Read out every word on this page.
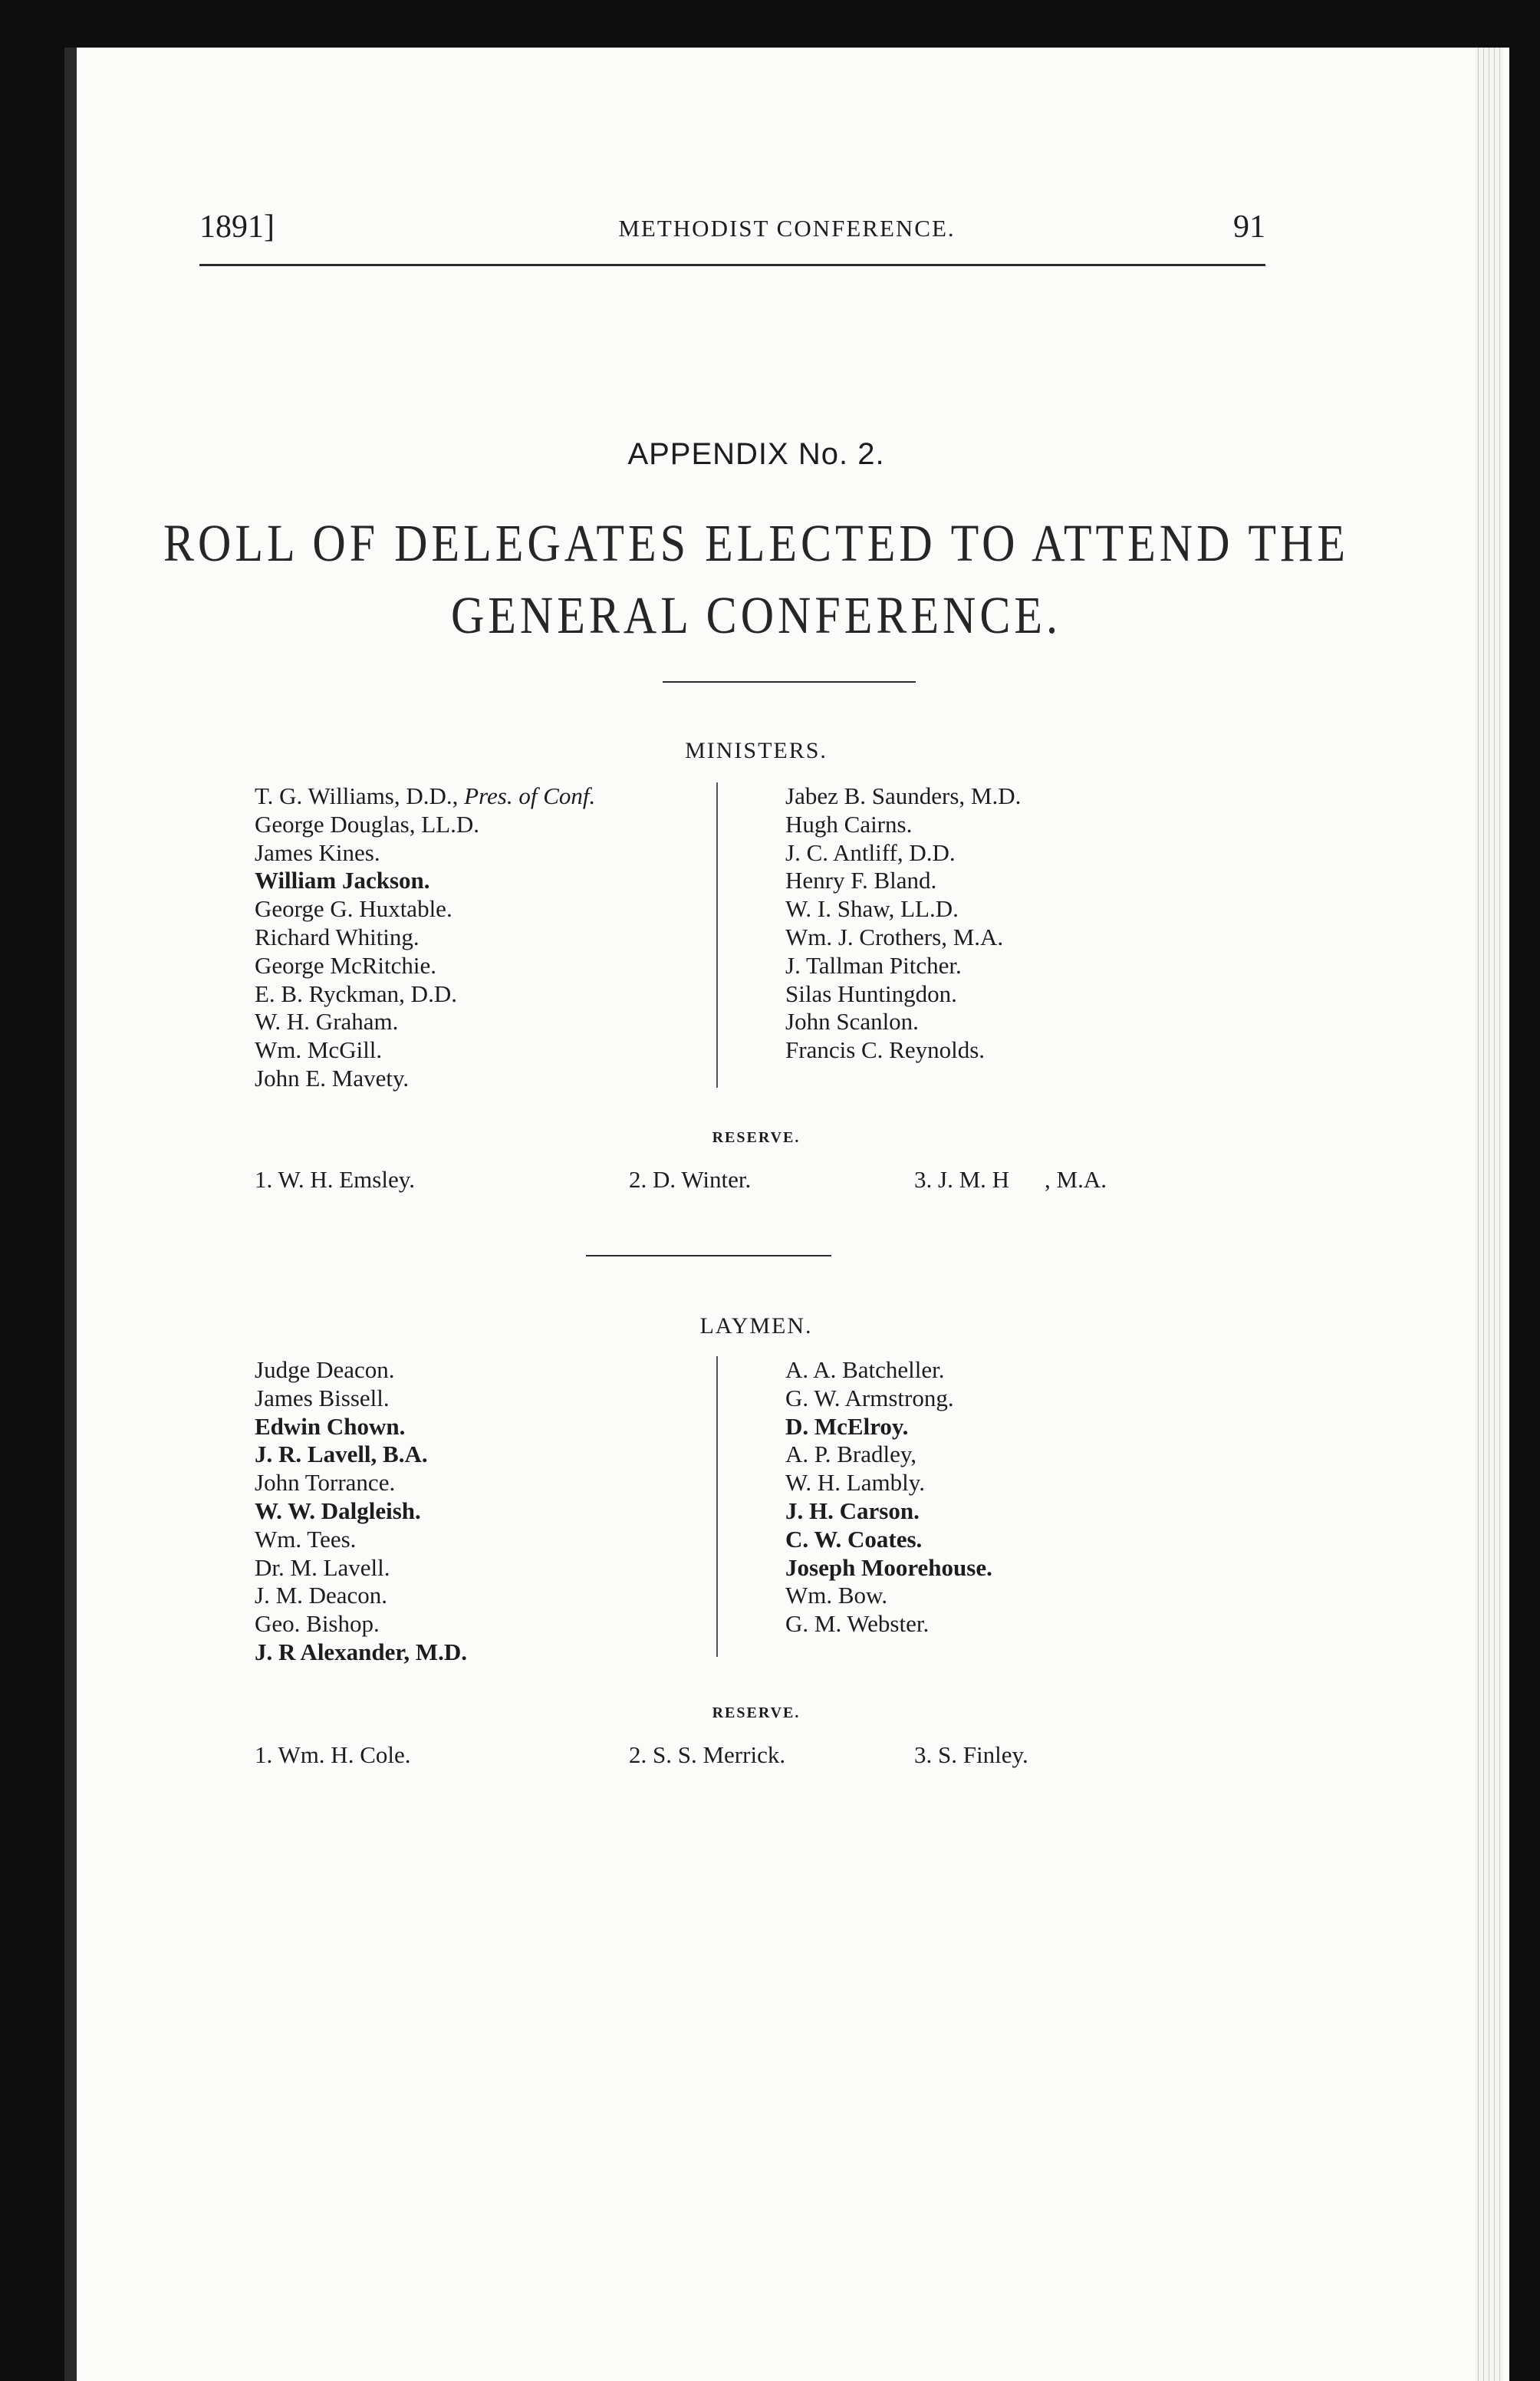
1891]	METHODIST CONFERENCE.	91
APPENDIX No. 2.
ROLL OF DELEGATES ELECTED TO ATTEND THE
GENERAL CONFERENCE.
MINISTERS.
T. G. Williams, D.D., Pres. of Conf.
George Douglas, LL.D.
James Kines.
William Jackson.
George G. Huxtable.
Richard Whiting.
George McRitchie.
E. B. Ryckman, D.D.
W. H. Graham.
Wm. McGill.
John E. Mavety.
Jabez B. Saunders, M.D.
Hugh Cairns.
J. C. Antliff, D.D.
Henry F. Bland.
W. I. Shaw, LL.D.
Wm. J. Crothers, M.A.
J. Tallman Pitcher.
Silas Huntingdon.
John Scanlon.
Francis C. Reynolds.
RESERVE.
1. W. H. Emsley.	2. D. Winter.	3. J. M. H , M.A.
LAYMEN.
Judge Deacon.
James Bissell.
Edwin Chown.
J. R. Lavell, B.A.
John Torrance.
W. W. Dalgleish.
Wm. Tees.
Dr. M. Lavell.
J. M. Deacon.
Geo. Bishop.
J. R Alexander, M.D.
A. A. Batcheller.
G. W. Armstrong.
D. McElroy.
A. P. Bradley,
W. H. Lambly.
J. H. Carson.
C. W. Coates.
Joseph Moorehouse.
Wm. Bow.
G. M. Webster.
RESERVE.
1. Wm. H. Cole.	2. S. S. Merrick.	3. S. Finley.
